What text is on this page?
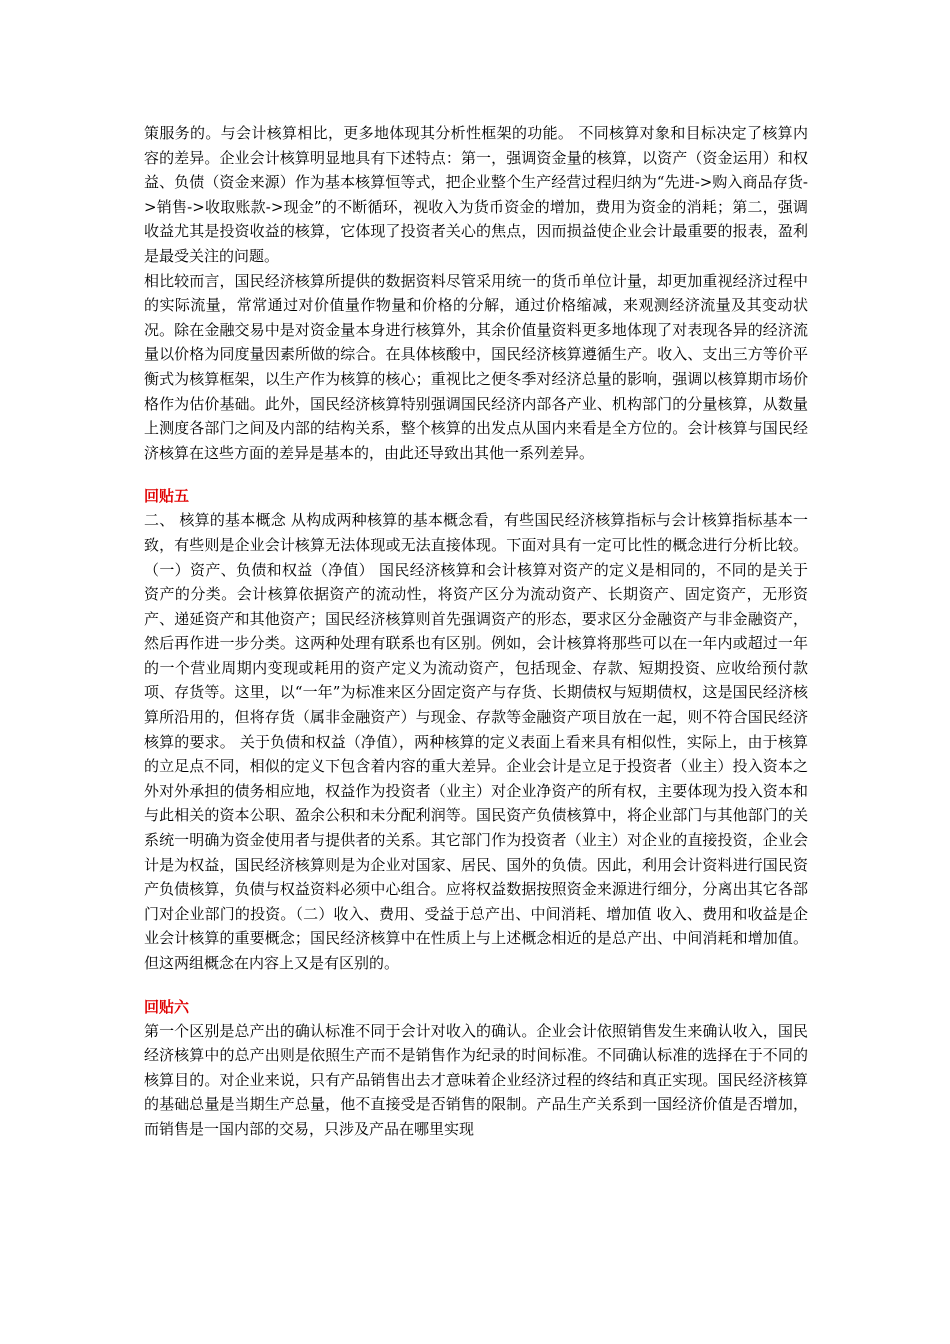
策服务的。与会计核算相比，更多地体现其分析性框架的功能。 不同核算对象和目标决定了核算内容的差异。企业会计核算明显地具有下述特点：第一，强调资金量的核算，以资产（资金运用）和权益、负债（资金来源）作为基本核算恒等式，把企业整个生产经营过程归纳为“先进->购入商品存货->销售->收取账款->现金”的不断循环，视收入为货币资金的增加，费用为资金的消耗；第二，强调收益尤其是投资收益的核算，它体现了投资者关心的焦点，因而损益使企业会计最重要的报表，盈利是最受关注的问题。

相比较而言，国民经济核算所提供的数据资料尽管采用统一的货币单位计量，却更加重视经济过程中的实际流量，常常通过对价值量作物量和价格的分解，通过价格缩减，来观测经济流量及其变动状况。除在金融交易中是对资金量本身进行核算外，其余价值量资料更多地体现了对表现各异的经济流量以价格为同度量因素所做的综合。在具体核酸中，国民经济核算遵循生产。收入、支出三方等价平衡式为核算框架，以生产作为核算的核心；重视比之便冬季对经济总量的影响，强调以核算期市场价格作为估价基础。此外，国民经济核算特别强调国民经济内部各产业、机构部门的分量核算，从数量上测度各部门之间及内部的结构关系，整个核算的出发点从国内来看是全方位的。会计核算与国民经济核算在这些方面的差异是基本的，由此还导致出其他一系列差异。

回贴五

二、 核算的基本概念 从构成两种核算的基本概念看，有些国民经济核算指标与会计核算指标基本一致，有些则是企业会计核算无法体现或无法直接体现。下面对具有一定可比性的概念进行分析比较。（一）资产、负债和权益（净值） 国民经济核算和会计核算对资产的定义是相同的，不同的是关于资产的分类。会计核算依据资产的流动性，将资产区分为流动资产、长期资产、固定资产，无形资产、递延资产和其他资产；国民经济核算则首先强调资产的形态，要求区分金融资产与非金融资产，然后再作进一步分类。这两种处理有联系也有区别。例如，会计核算将那些可以在一年内或超过一年的一个营业周期内变现或耗用的资产定义为流动资产，包括现金、存款、短期投资、应收给预付款项、存货等。这里，以“一年”为标准来区分固定资产与存货、长期债权与短期债权，这是国民经济核算所沿用的，但将存货（属非金融资产）与现金、存款等金融资产项目放在一起，则不符合国民经济核算的要求。 关于负债和权益（净值），两种核算的定义表面上看来具有相似性，实际上，由于核算的立足点不同，相似的定义下包含着内容的重大差异。企业会计是立足于投资者（业主）投入资本之外对外承担的债务相应地，权益作为投资者（业主）对企业净资产的所有权，主要体现为投入资本和与此相关的资本公职、盈余公积和未分配利润等。国民资产负债核算中，将企业部门与其他部门的关系统一明确为资金使用者与提供者的关系。其它部门作为投资者（业主）对企业的直接投资，企业会计是为权益，国民经济核算则是为企业对国家、居民、国外的负债。因此，利用会计资料进行国民资产负债核算，负债与权益资料必须中心组合。应将权益数据按照资金来源进行细分，分离出其它各部门对企业部门的投资。（二）收入、费用、受益于总产出、中间消耗、增加值 收入、费用和收益是企业会计核算的重要概念；国民经济核算中在性质上与上述概念相近的是总产出、中间消耗和增加值。但这两组概念在内容上又是有区别的。

回贴六

第一个区别是总产出的确认标准不同于会计对收入的确认。企业会计依照销售发生来确认收入，国民经济核算中的总产出则是依照生产而不是销售作为纪录的时间标准。不同确认标准的选择在于不同的核算目的。对企业来说，只有产品销售出去才意味着企业经济过程的终结和真正实现。国民经济核算的基础总量是当期生产总量，他不直接受是否销售的限制。产品生产关系到一国经济价值是否增加，而销售是一国内部的交易，只涉及产品在哪里实现
